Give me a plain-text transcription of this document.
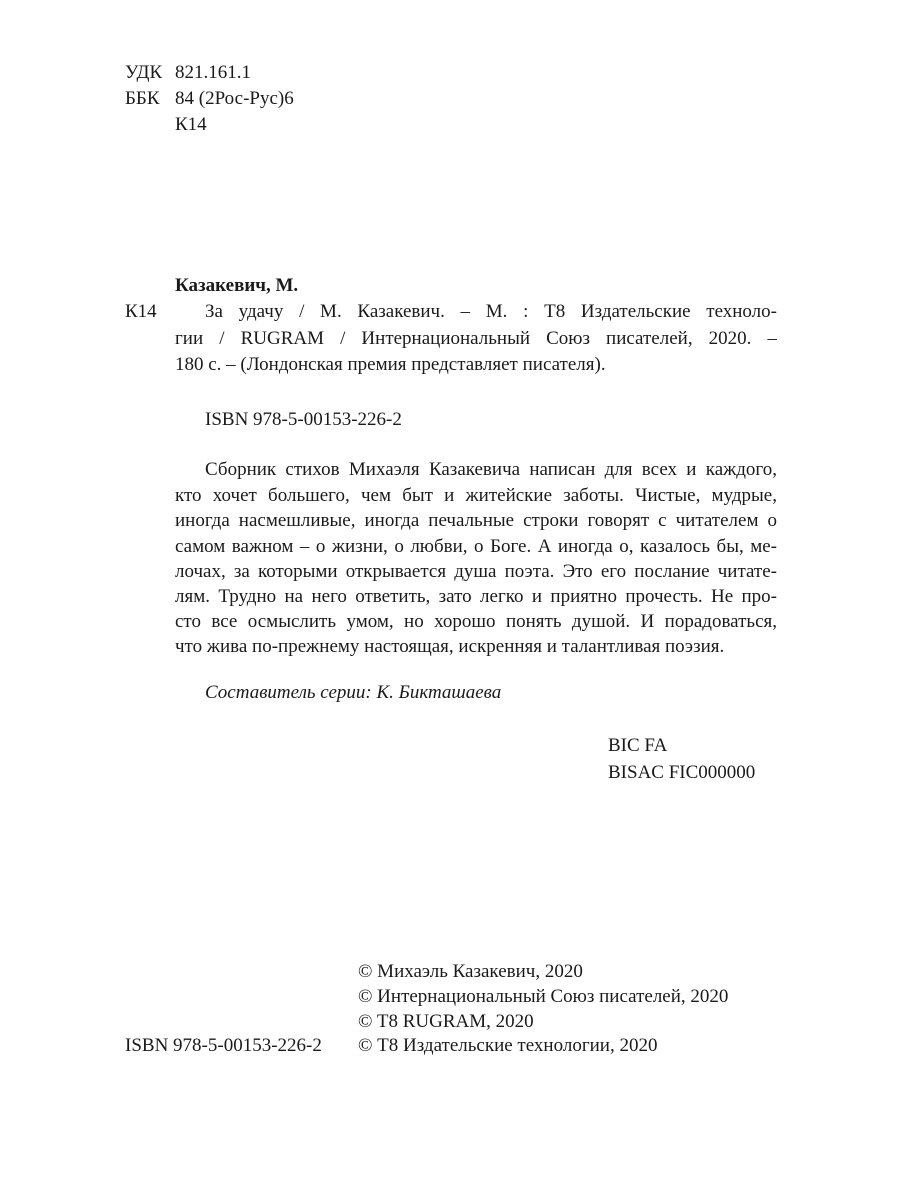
УДК 821.161.1
ББК 84 (2Рос-Рус)6
К14
Казакевич, М.
К14	За удачу / М. Казакевич. – М. : Т8 Издательские техноло-
гии / RUGRAM / Интернациональный Союз писателей, 2020. –
180 с. – (Лондонская премия представляет писателя).
ISBN 978-5-00153-226-2
Сборник стихов Михаэля Казакевича написан для всех и каждого,
кто хочет большего, чем быт и житейские заботы. Чистые, мудрые,
иногда насмешливые, иногда печальные строки говорят с читателем о
самом важном – о жизни, о любви, о Боге. А иногда о, казалось бы, ме-
лочах, за которыми открывается душа поэта. Это его послание читате-
лям. Трудно на него ответить, зато легко и приятно прочесть. Не про-
сто все осмыслить умом, но хорошо понять душой. И порадоваться,
что жива по-прежнему настоящая, искренняя и талантливая поэзия.
Составитель серии: К. Бикташаева
BIC FA
BISAC FIC000000
© Михаэль Казакевич, 2020
© Интернациональный Союз писателей, 2020
© T8 RUGRAM, 2020
© Т8 Издательские технологии, 2020
ISBN 978-5-00153-226-2
